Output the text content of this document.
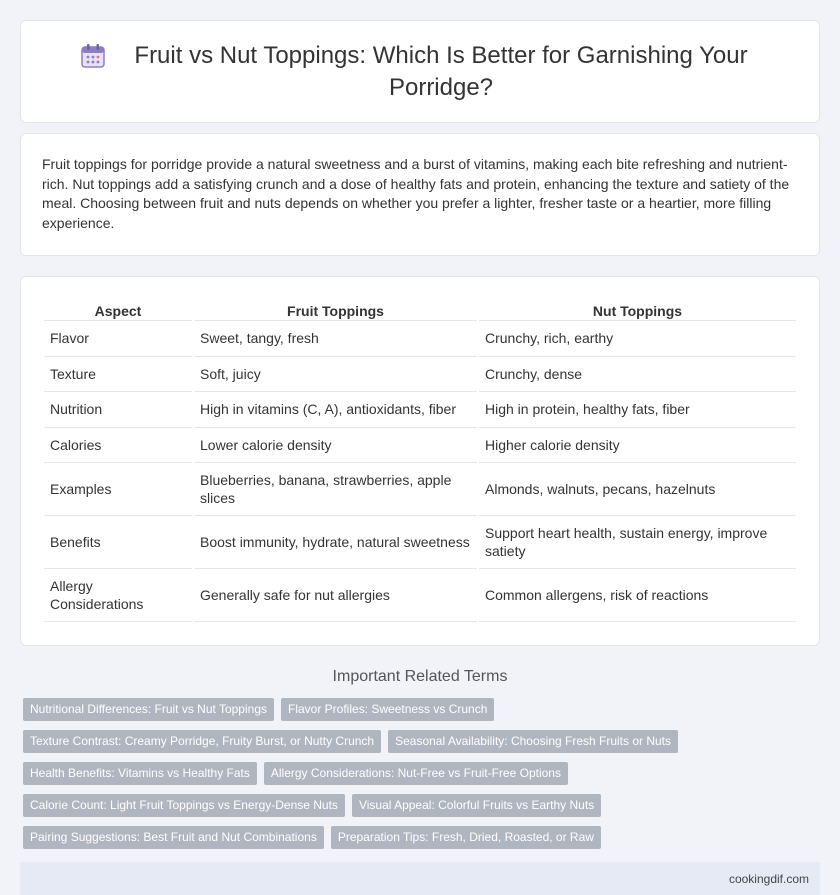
Fruit vs Nut Toppings: Which Is Better for Garnishing Your Porridge?

Fruit toppings for porridge provide a natural sweetness and a burst of vitamins, making each bite refreshing and nutrient-rich. Nut toppings add a satisfying crunch and a dose of healthy fats and protein, enhancing the texture and satiety of the meal. Choosing between fruit and nuts depends on whether you prefer a lighter, fresher taste or a heartier, more filling experience.

Aspect	Fruit Toppings	Nut Toppings
Flavor	Sweet, tangy, fresh	Crunchy, rich, earthy
Texture	Soft, juicy	Crunchy, dense
Nutrition	High in vitamins (C, A), antioxidants, fiber	High in protein, healthy fats, fiber
Calories	Lower calorie density	Higher calorie density
Examples	Blueberries, banana, strawberries, apple slices	Almonds, walnuts, pecans, hazelnuts
Benefits	Boost immunity, hydrate, natural sweetness	Support heart health, sustain energy, improve satiety
Allergy Considerations	Generally safe for nut allergies	Common allergens, risk of reactions
Important Related Terms
Nutritional Differences: Fruit vs Nut Toppings	Flavor Profiles: Sweetness vs Crunch
Texture Contrast: Creamy Porridge, Fruity Burst, or Nutty Crunch	Seasonal Availability: Choosing Fresh Fruits or Nuts
Health Benefits: Vitamins vs Healthy Fats	Allergy Considerations: Nut-Free vs Fruit-Free Options
Calorie Count: Light Fruit Toppings vs Energy-Dense Nuts	Visual Appeal: Colorful Fruits vs Earthy Nuts
Pairing Suggestions: Best Fruit and Nut Combinations	Preparation Tips: Fresh, Dried, Roasted, or Raw
cookingdif.com
